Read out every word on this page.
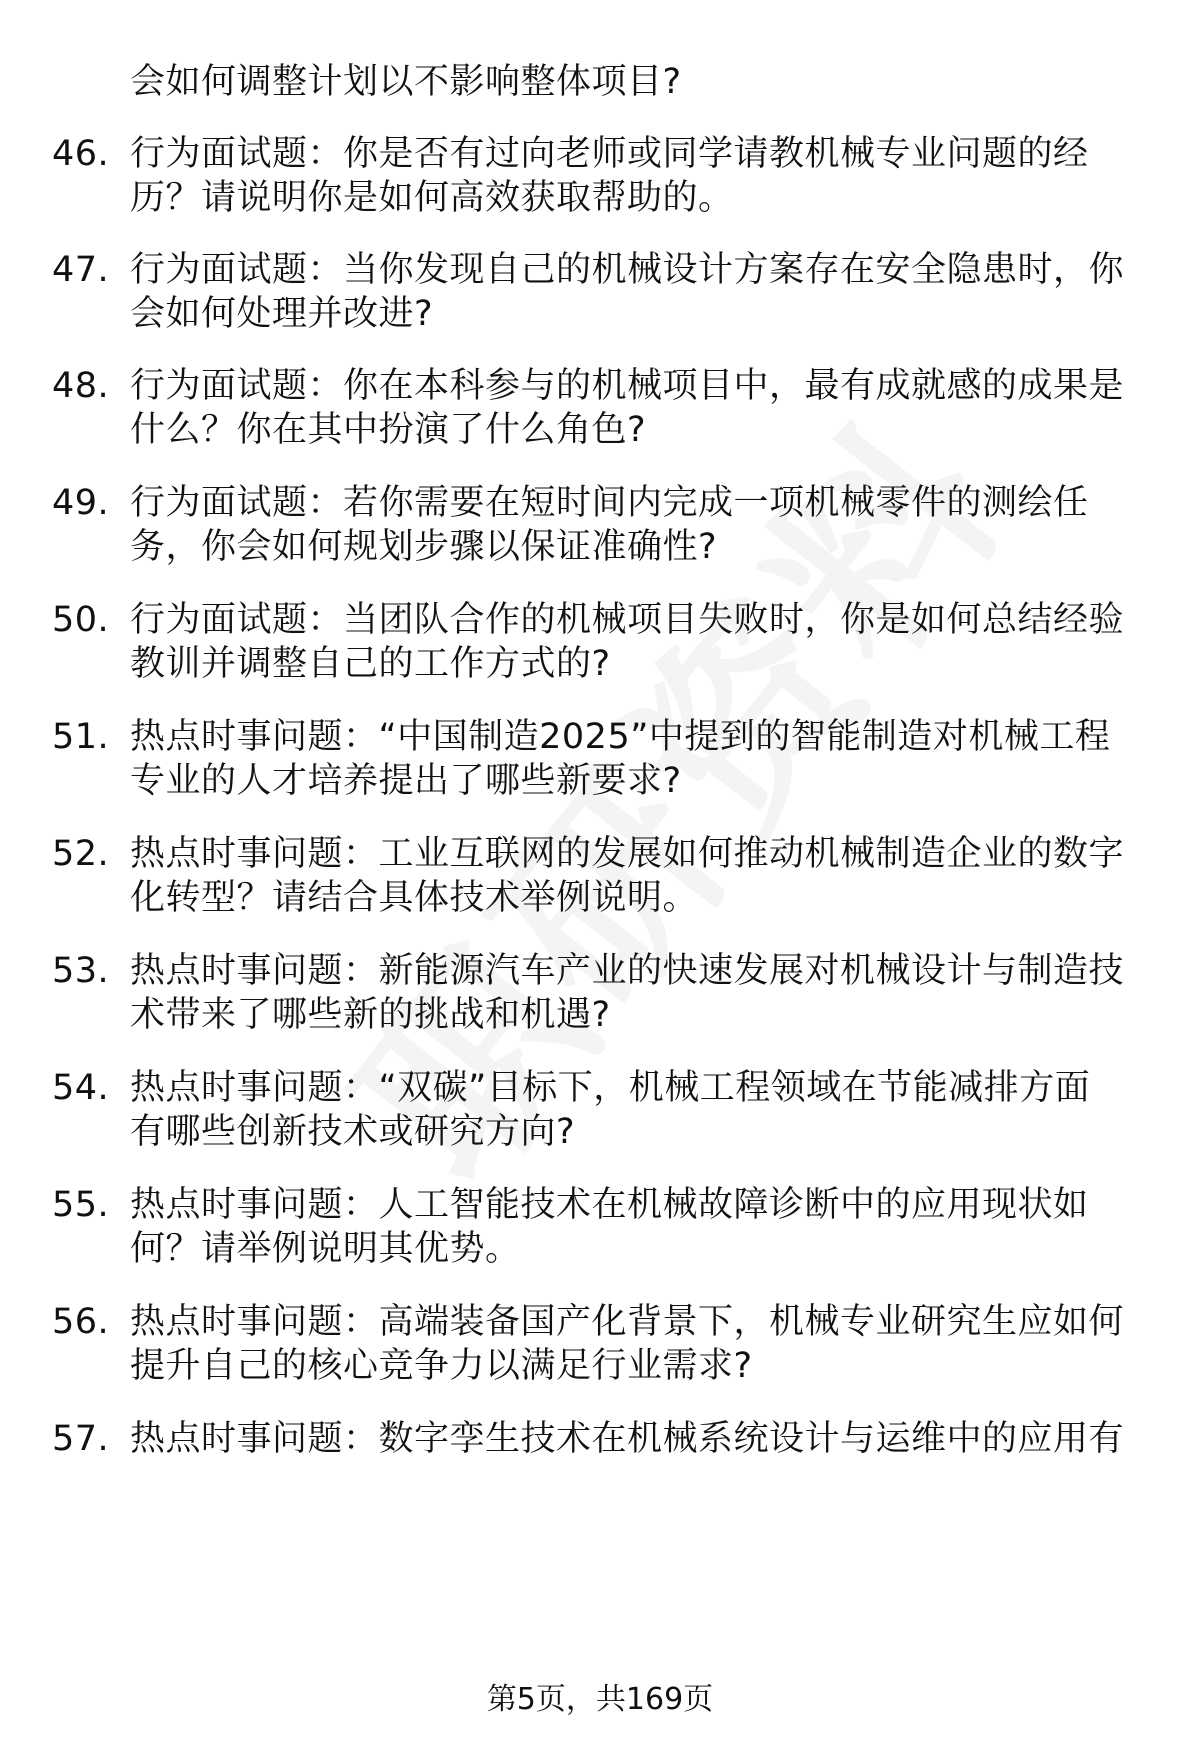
会如何调整计划以不影响整体项目?
46. 行为面试题：你是否有过向老师或同学请教机械专业问题的经
历？请说明你是如何高效获取帮助的。
47. 行为面试题：当你发现自己的机械设计方案存在安全隐患时，你
会如何处理并改进?
48. 行为面试题：你在本科参与的机械项目中，最有成就感的成果是
什么？你在其中扮演了什么角色?
49. 行为面试题：若你需要在短时间内完成一项机械零件的测绘任
务，你会如何规划步骤以保证准确性?
50. 行为面试题：当团队合作的机械项目失败时，你是如何总结经验
教训并调整自己的工作方式的?
51. 热点时事问题：“中国制造2025”中提到的智能制造对机械工程
专业的人才培养提出了哪些新要求?
52. 热点时事问题：工业互联网的发展如何推动机械制造企业的数字
化转型？请结合具体技术举例说明。
53. 热点时事问题：新能源汽车产业的快速发展对机械设计与制造技
术带来了哪些新的挑战和机遇?
54. 热点时事问题：“双碳”目标下，机械工程领域在节能减排方面
有哪些创新技术或研究方向?
55. 热点时事问题：人工智能技术在机械故障诊断中的应用现状如
何？请举例说明其优势。
56. 热点时事问题：高端装备国产化背景下，机械专业研究生应如何
提升自己的核心竞争力以满足行业需求?
57. 热点时事问题：数字孪生技术在机械系统设计与运维中的应用有
第5页，共169页
